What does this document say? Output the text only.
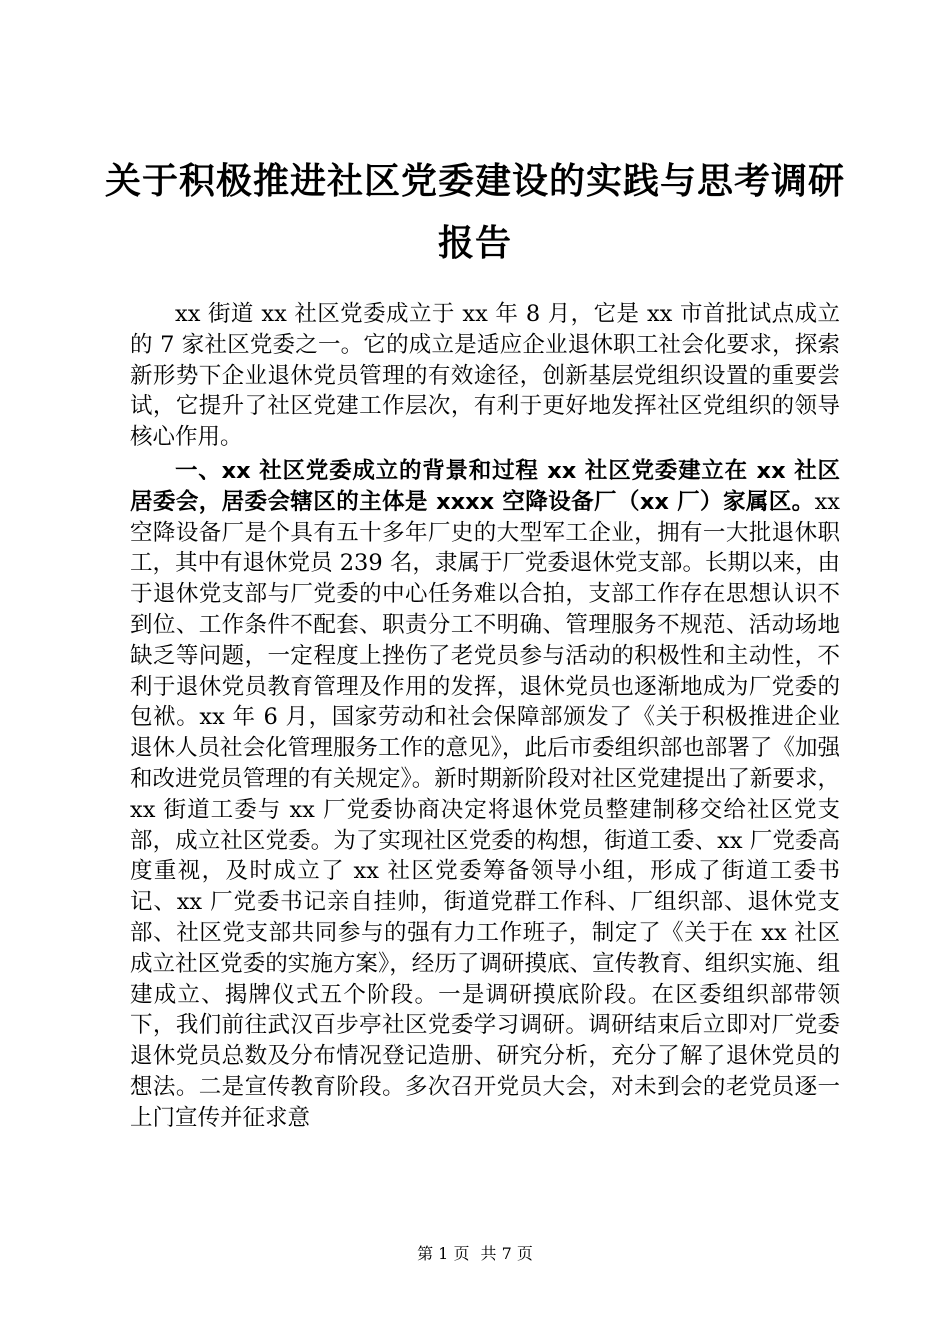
关于积极推进社区党委建设的实践与思考调研
报告

xx 街道 xx 社区党委成立于 xx 年 8 月，它是 xx 市首批试点成立的 7 家社区党委之一。它的成立是适应企业退休职工社会化要求，探索新形势下企业退休党员管理的有效途径，创新基层党组织设置的重要尝试，它提升了社区党建工作层次，有利于更好地发挥社区党组织的领导核心作用。

一、xx 社区党委成立的背景和过程 xx 社区党委建立在 xx 社区居委会，居委会辖区的主体是 xxxx 空降设备厂（xx 厂）家属区。xx 空降设备厂是个具有五十多年厂史的大型军工企业，拥有一大批退休职工，其中有退休党员 239 名，隶属于厂党委退休党支部。长期以来，由于退休党支部与厂党委的中心任务难以合拍，支部工作存在思想认识不到位、工作条件不配套、职责分工不明确、管理服务不规范、活动场地缺乏等问题，一定程度上挫伤了老党员参与活动的积极性和主动性，不利于退休党员教育管理及作用的发挥，退休党员也逐渐地成为厂党委的包袱。xx 年 6 月，国家劳动和社会保障部颁发了《关于积极推进企业退休人员社会化管理服务工作的意见》，此后市委组织部也部署了《加强和改进党员管理的有关规定》。新时期新阶段对社区党建提出了新要求，xx 街道工委与 xx 厂党委协商决定将退休党员整建制移交给社区党支部，成立社区党委。为了实现社区党委的构想，街道工委、xx 厂党委高度重视，及时成立了 xx 社区党委筹备领导小组，形成了街道工委书记、xx 厂党委书记亲自挂帅，街道党群工作科、厂组织部、退休党支部、社区党支部共同参与的强有力工作班子，制定了《关于在 xx 社区成立社区党委的实施方案》，经历了调研摸底、宣传教育、组织实施、组建成立、揭牌仪式五个阶段。一是调研摸底阶段。在区委组织部带领下，我们前往武汉百步亭社区党委学习调研。调研结束后立即对厂党委退休党员总数及分布情况登记造册、研究分析，充分了解了退休党员的想法。二是宣传教育阶段。多次召开党员大会，对未到会的老党员逐一上门宣传并征求意

第 1 页 共 7 页
